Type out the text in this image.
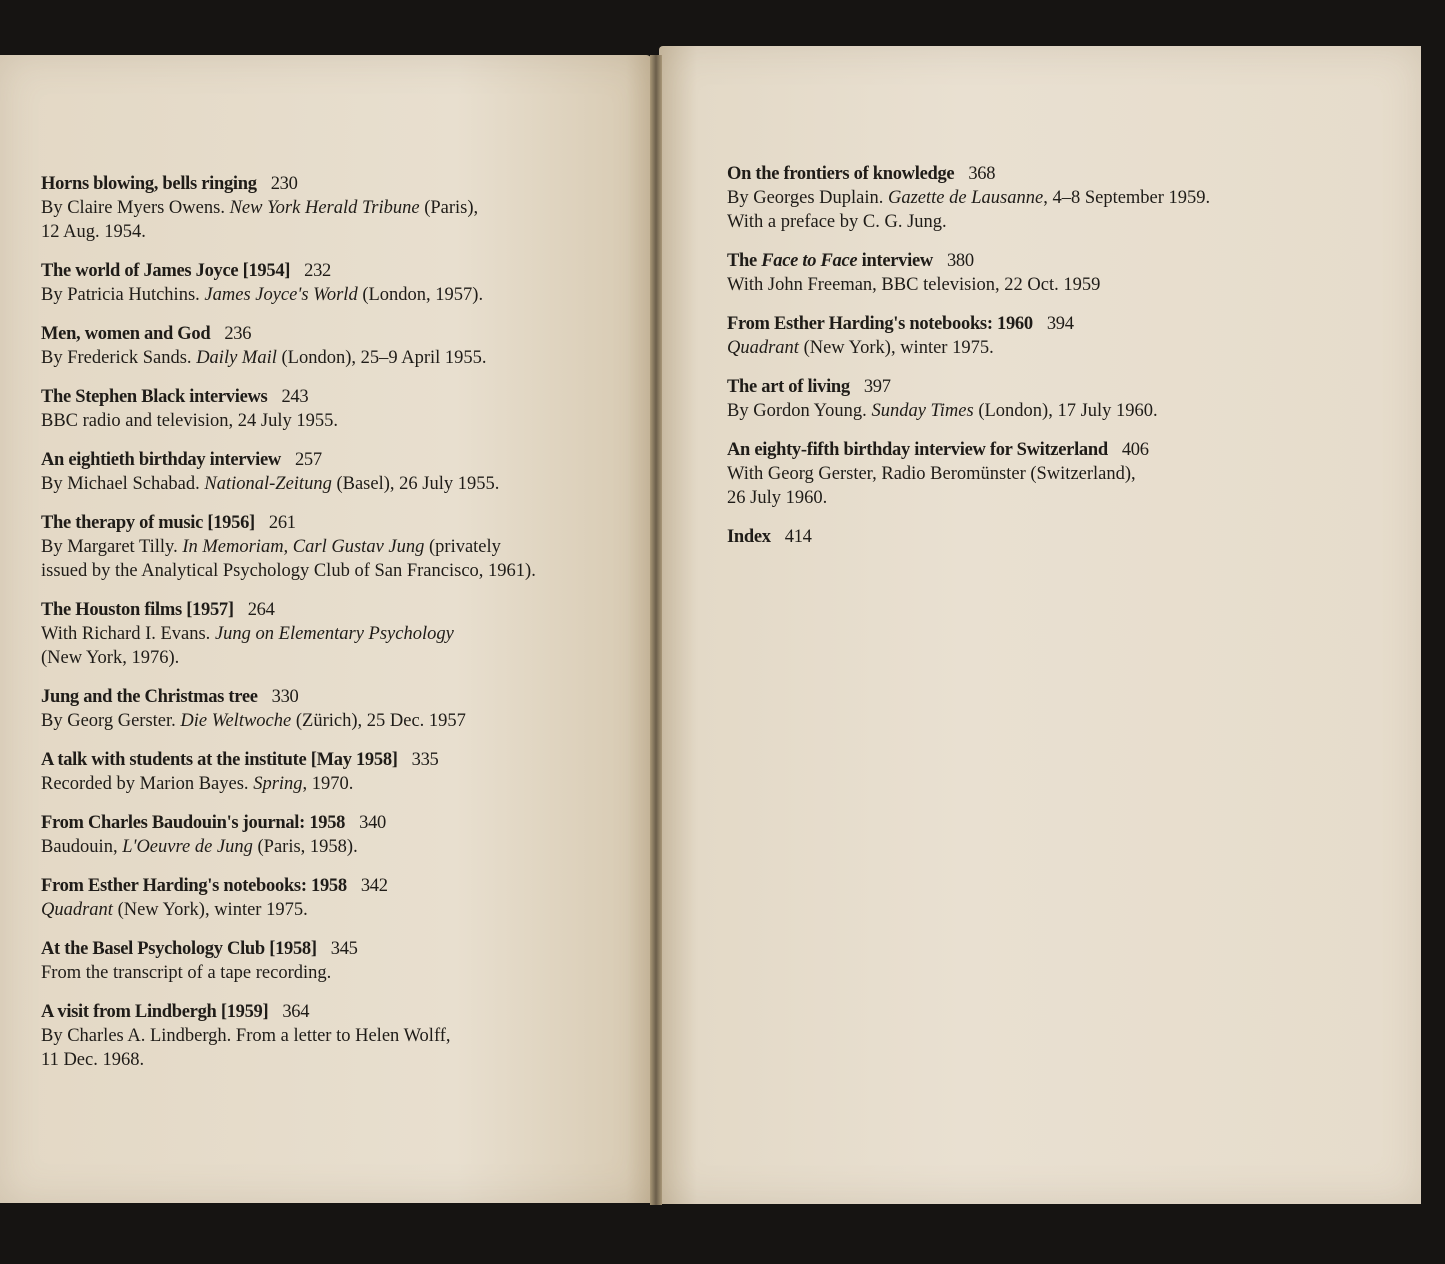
Horns blowing, bells ringing 230
By Claire Myers Owens. New York Herald Tribune (Paris),
12 Aug. 1954.
The world of James Joyce [1954] 232
By Patricia Hutchins. James Joyce's World (London, 1957).
Men, women and God 236
By Frederick Sands. Daily Mail (London), 25–9 April 1955.
The Stephen Black interviews 243
BBC radio and television, 24 July 1955.
An eightieth birthday interview 257
By Michael Schabad. National-Zeitung (Basel), 26 July 1955.
The therapy of music [1956] 261
By Margaret Tilly. In Memoriam, Carl Gustav Jung (privately
issued by the Analytical Psychology Club of San Francisco, 1961).
The Houston films [1957] 264
With Richard I. Evans. Jung on Elementary Psychology
(New York, 1976).
Jung and the Christmas tree 330
By Georg Gerster. Die Weltwoche (Zürich), 25 Dec. 1957
A talk with students at the institute [May 1958] 335
Recorded by Marion Bayes. Spring, 1970.
From Charles Baudouin's journal: 1958 340
Baudouin, L'Oeuvre de Jung (Paris, 1958).
From Esther Harding's notebooks: 1958 342
Quadrant (New York), winter 1975.
At the Basel Psychology Club [1958] 345
From the transcript of a tape recording.
A visit from Lindbergh [1959] 364
By Charles A. Lindbergh. From a letter to Helen Wolff,
11 Dec. 1968.
On the frontiers of knowledge 368
By Georges Duplain. Gazette de Lausanne, 4–8 September 1959.
With a preface by C. G. Jung.
The Face to Face interview 380
With John Freeman, BBC television, 22 Oct. 1959
From Esther Harding's notebooks: 1960 394
Quadrant (New York), winter 1975.
The art of living 397
By Gordon Young. Sunday Times (London), 17 July 1960.
An eighty-fifth birthday interview for Switzerland 406
With Georg Gerster, Radio Beromünster (Switzerland),
26 July 1960.
Index 414
